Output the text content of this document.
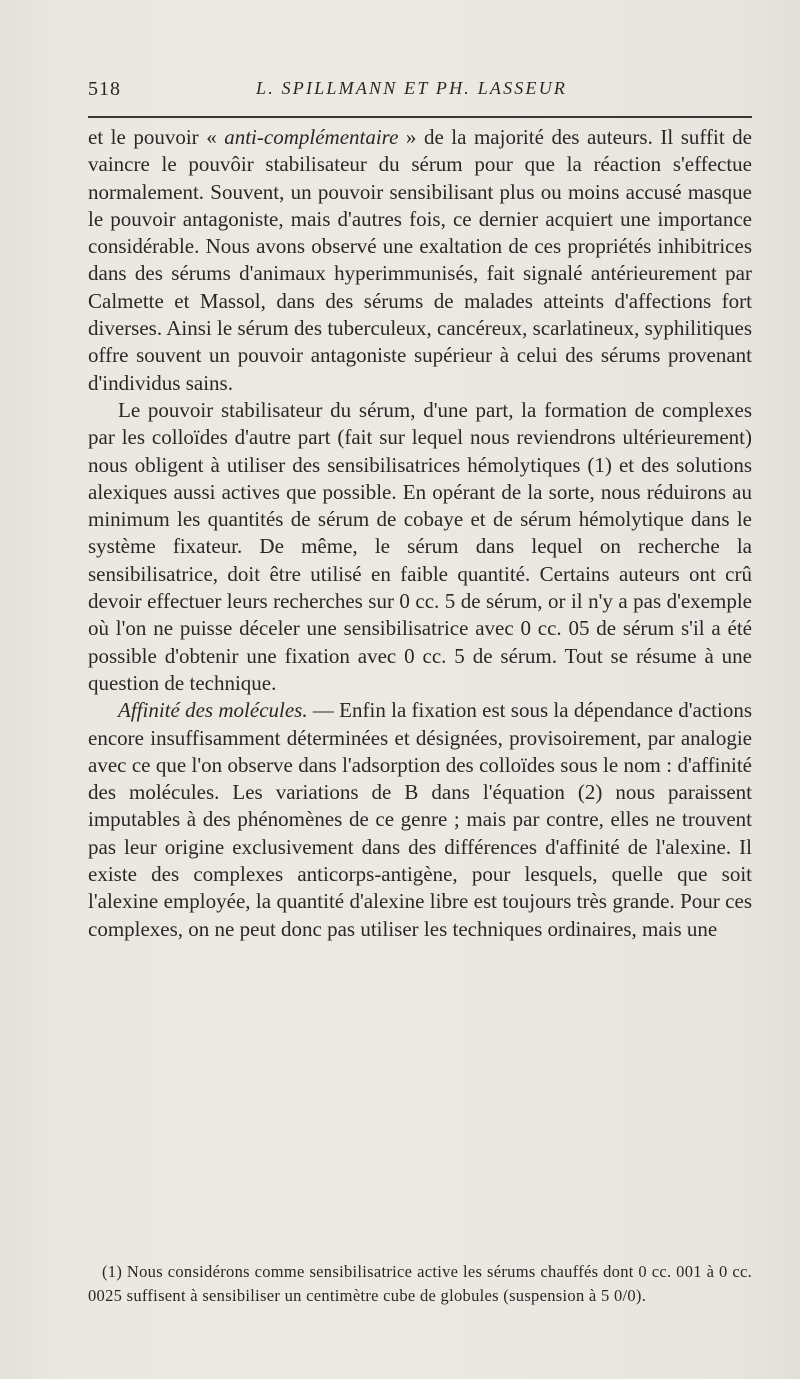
518	L. SPILLMANN ET PH. LASSEUR

et le pouvoir « anti-complémentaire » de la majorité des auteurs. Il suffit de vaincre le pouvôir stabilisateur du sérum pour que la réaction s'effectue normalement. Souvent, un pouvoir sensibilisant plus ou moins accusé masque le pouvoir antagoniste, mais d'autres fois, ce dernier acquiert une importance considérable. Nous avons observé une exaltation de ces propriétés inhibitrices dans des sérums d'animaux hyperimmunisés, fait signalé antérieurement par Calmette et Massol, dans des sérums de malades atteints d'affections fort diverses. Ainsi le sérum des tuberculeux, cancéreux, scarlatineux, syphilitiques offre souvent un pouvoir antagoniste supérieur à celui des sérums provenant d'individus sains.

Le pouvoir stabilisateur du sérum, d'une part, la formation de complexes par les colloïdes d'autre part (fait sur lequel nous reviendrons ultérieurement) nous obligent à utiliser des sensibilisatrices hémolytiques (1) et des solutions alexiques aussi actives que possible. En opérant de la sorte, nous réduirons au minimum les quantités de sérum de cobaye et de sérum hémolytique dans le système fixateur. De même, le sérum dans lequel on recherche la sensibilisatrice, doit être utilisé en faible quantité. Certains auteurs ont crû devoir effectuer leurs recherches sur 0 cc. 5 de sérum, or il n'y a pas d'exemple où l'on ne puisse déceler une sensibilisatrice avec 0 cc. 05 de sérum s'il a été possible d'obtenir une fixation avec 0 cc. 5 de sérum. Tout se résume à une question de technique.

Affinité des molécules. — Enfin la fixation est sous la dépendance d'actions encore insuffisamment déterminées et désignées, provisoirement, par analogie avec ce que l'on observe dans l'adsorption des colloïdes sous le nom : d'affinité des molécules. Les variations de B dans l'équation (2) nous paraissent imputables à des phénomènes de ce genre ; mais par contre, elles ne trouvent pas leur origine exclusivement dans des différences d'affinité de l'alexine. Il existe des complexes anticorps-antigène, pour lesquels, quelle que soit l'alexine employée, la quantité d'alexine libre est toujours très grande. Pour ces complexes, on ne peut donc pas utiliser les techniques ordinaires, mais une

(1) Nous considérons comme sensibilisatrice active les sérums chauffés dont 0 cc. 001 à 0 cc. 0025 suffisent à sensibiliser un centimètre cube de globules (suspension à 5 0/0).
